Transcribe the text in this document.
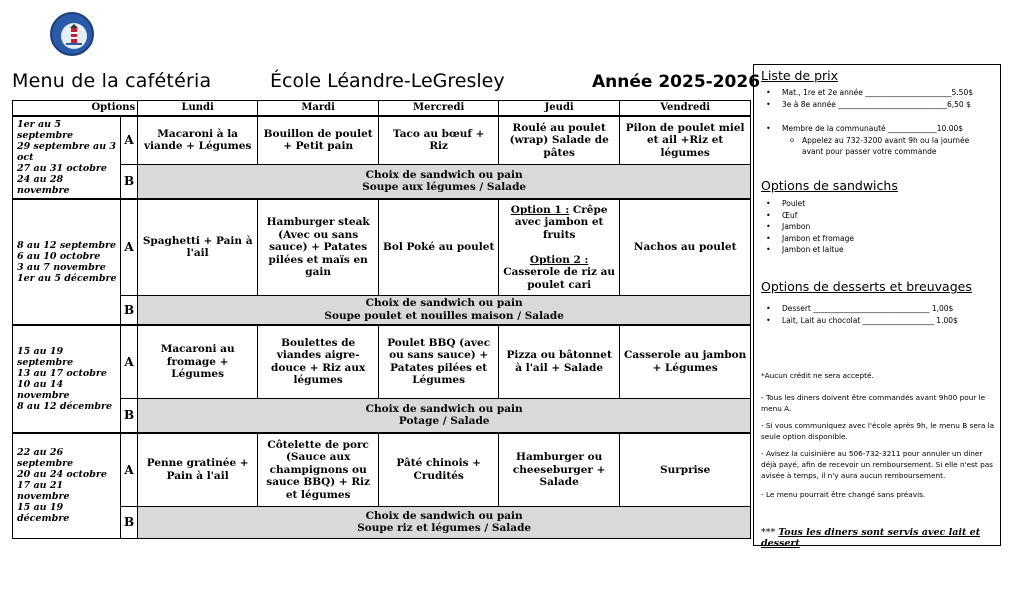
Menu de la cafétéria	École Léandre-LeGresley	Année 2025-2026
Options		Lundi	Mardi	Mercredi	Jeudi	Vendredi
1er au 5 septembre
29 septembre au 3 oct
27 au 31 octobre
24 au 28 novembre	A	Macaroni à la viande + Légumes	Bouillon de poulet + Petit pain	Taco au bœuf + Riz	Roulé au poulet (wrap) Salade de pâtes	Pilon de poulet miel et ail +Riz et légumes
	B	Choix de sandwich ou pain
Soupe aux légumes / Salade				
8 au 12 septembre
6 au 10 octobre
3 au 7 novembre
1er au 5 décembre	A	Spaghetti + Pain à l'ail	Hamburger steak (Avec ou sans sauce) + Patates pilées et maïs en gain	Bol Poké au poulet	Option 1 : Crêpe avec jambon et fruits

Option 2 : Casserole de riz au poulet cari	Nachos au poulet
	B	Choix de sandwich ou pain
Soupe poulet et nouilles maison / Salade				
15 au 19 septembre
13 au 17 octobre
10 au 14 novembre
8 au 12 décembre	A	Macaroni au fromage + Légumes	Boulettes de viandes aigre-douce + Riz aux légumes	Poulet BBQ (avec ou sans sauce) + Patates pilées et Légumes	Pizza ou bâtonnet à l'ail + Salade	Casserole au jambon + Légumes
	B	Choix de sandwich ou pain
Potage / Salade				
22 au 26 septembre
20 au 24 octobre
17 au 21 novembre
15 au 19 décembre	A	Penne gratinée + Pain à l'ail	Côtelette de porc (Sauce aux champignons ou sauce BBQ) + Riz et légumes	Pâté chinois + Crudités	Hamburger ou cheeseburger + Salade	Surprise
	B	Choix de sandwich ou pain
Soupe riz et légumes / Salade				
Liste de prix
• Mat., 1re et 2e année _______________________5.50$
• 3e à 8e année _____________________________6,50 $
• Membre de la communauté _____________10.00$
o Appelez au 732-3200 avant 9h ou la journée avant pour passer votre commande
Options de sandwichs
• Poulet
• Œuf
• Jambon
• Jambon et fromage
• Jambon et laitue
Options de desserts et breuvages
• Dessert _______________________________ 1,00$
• Lait, Lait au chocolat ___________________ 1.00$
*Aucun crédit ne sera accepté.
- Tous les diners doivent être commandés avant 9h00 pour le menu A.
- Si vous communiquez avec l'école après 9h, le menu B sera la seule option disponible.
- Avisez la cuisinière au 506-732-3211 pour annuler un diner déjà payé, afin de recevoir un remboursement. Si elle n'est pas avisée à temps, il n'y aura aucun remboursement.
- Le menu pourrait être changé sans préavis.
*** Tous les diners sont servis avec lait et dessert
